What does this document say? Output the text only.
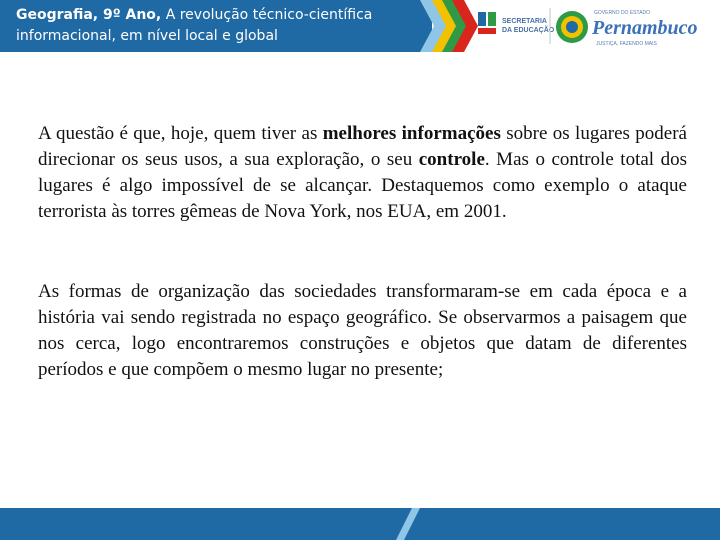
Geografia, 9º Ano, A revolução técnico-científica informacional, em nível local e global
SECRETARIA
DA EDUCAÇÃO
GOVERNO DO ESTADO
Pernambuco
JUSTIÇA, FAZENDO MAIS

A questão é que, hoje, quem tiver as melhores informações sobre os lugares poderá direcionar os seus usos, a sua exploração, o seu controle. Mas o controle total dos lugares é algo impossível de se alcançar. Destaquemos como exemplo o ataque terrorista às torres gêmeas de Nova York, nos EUA, em 2001.

As formas de organização das sociedades transformaram-se em cada época e a história vai sendo registrada no espaço geográfico. Se observarmos a paisagem que nos cerca, logo encontraremos construções e objetos que datam de diferentes períodos e que compõem o mesmo lugar no presente;
